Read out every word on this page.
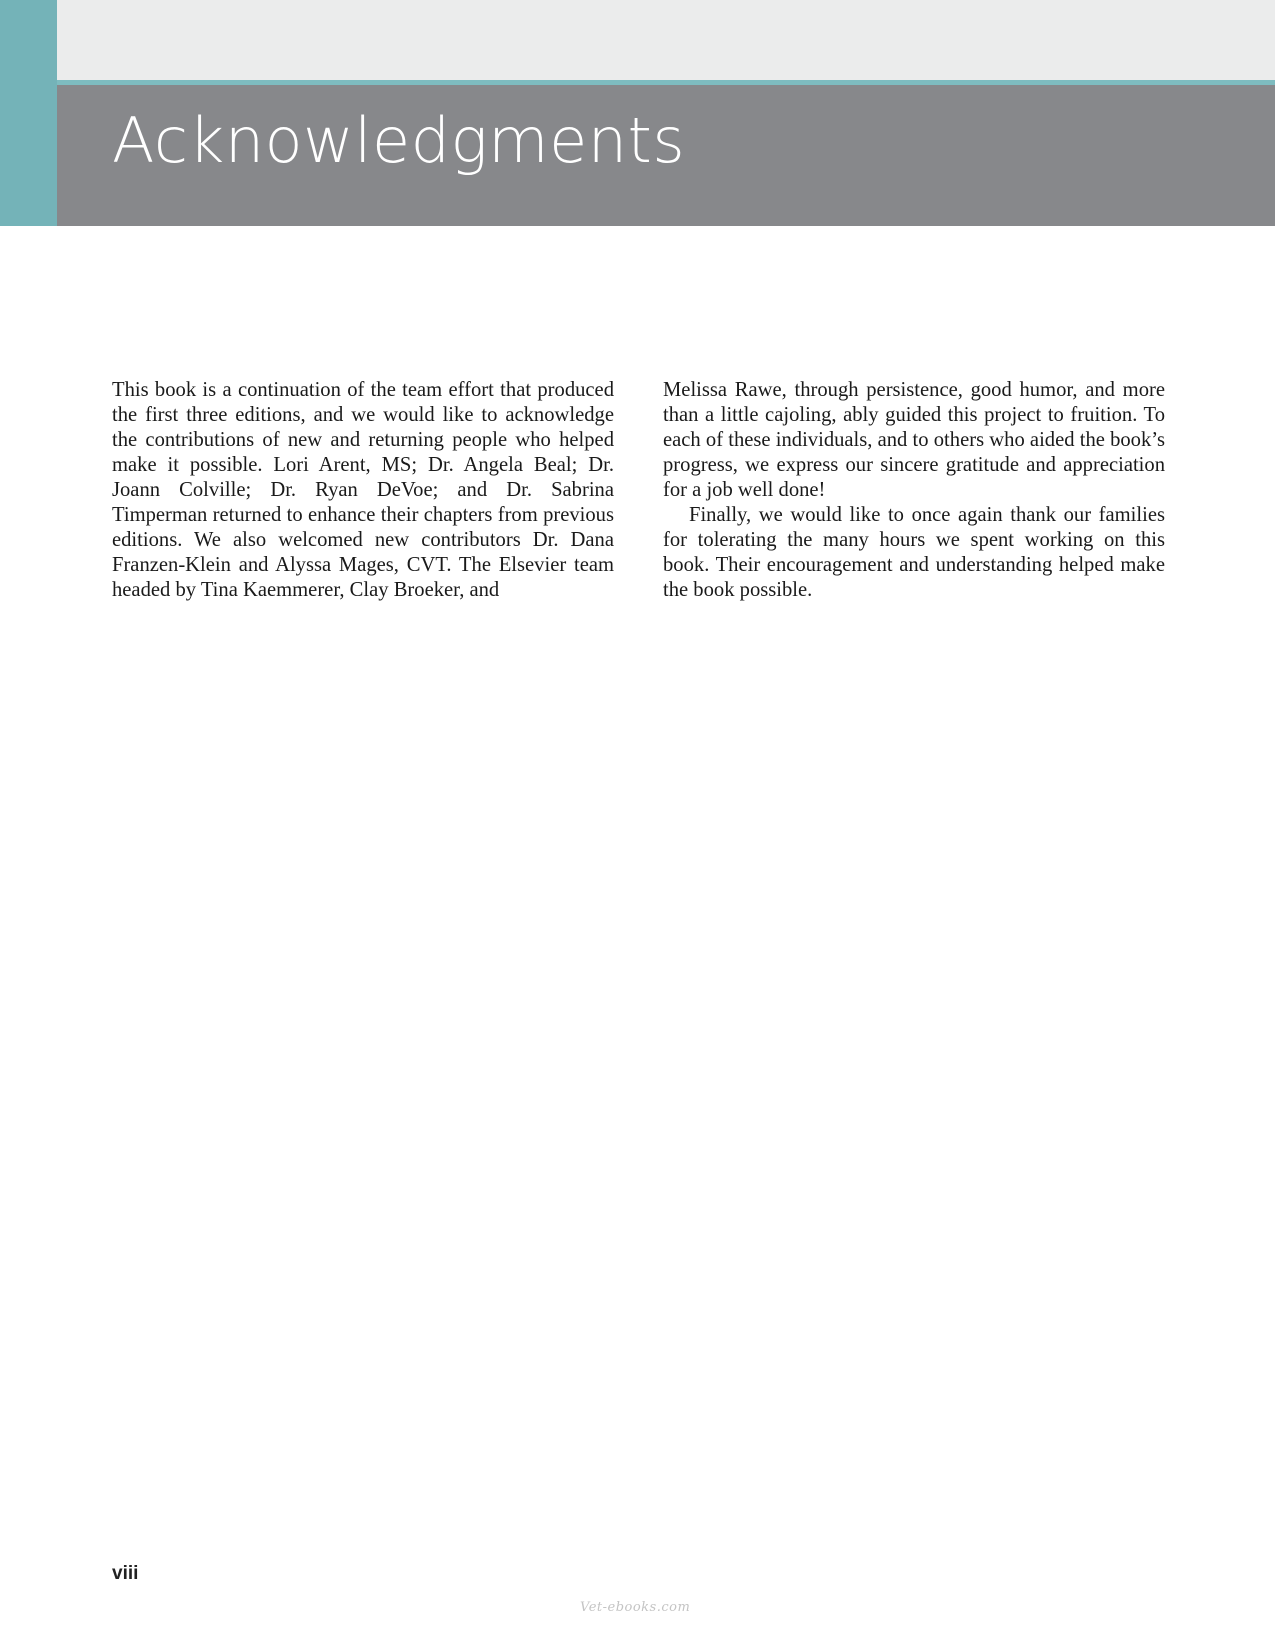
Acknowledgments

This book is a continuation of the team effort that produced the first three editions, and we would like to acknowledge the contributions of new and returning people who helped make it possible. Lori Arent, MS; Dr. Angela Beal; Dr. Joann Colville; Dr. Ryan DeVoe; and Dr. Sabrina Timperman returned to enhance their chapters from previous editions. We also welcomed new contributors Dr. Dana Franzen-Klein and Alyssa Mages, CVT. The Elsevier team headed by Tina Kaemmerer, Clay Broeker, and

Melissa Rawe, through persistence, good humor, and more than a little cajoling, ably guided this project to fruition. To each of these individuals, and to others who aided the book’s progress, we express our sincere gratitude and appreciation for a job well done!

Finally, we would like to once again thank our families for tolerating the many hours we spent working on this book. Their encouragement and understanding helped make the book possible.

viii
Vet-ebooks.com
